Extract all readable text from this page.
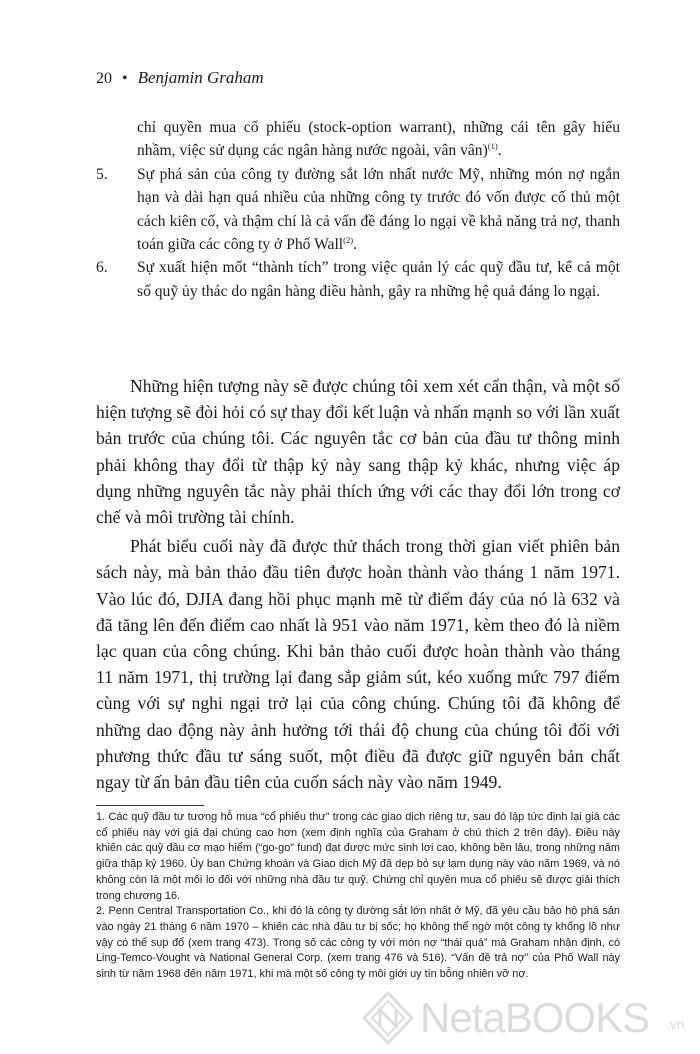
20 • Benjamin Graham
chỉ quyền mua cổ phiếu (stock-option warrant), những cái tên gây hiểu nhầm, việc sử dụng các ngân hàng nước ngoài, vân vân)$^{(1)}$.
5. Sự phá sản của công ty đường sắt lớn nhất nước Mỹ, những món nợ ngắn hạn và dài hạn quá nhiều của những công ty trước đó vốn được cố thủ một cách kiên cố, và thậm chí là cả vấn đề đáng lo ngại về khả năng trả nợ, thanh toán giữa các công ty ở Phố Wall$^{(2)}$.
6. Sự xuất hiện mốt “thành tích” trong việc quản lý các quỹ đầu tư, kể cả một số quỹ ủy thác do ngân hàng điều hành, gây ra những hệ quả đáng lo ngại.

Những hiện tượng này sẽ được chúng tôi xem xét cẩn thận, và một số hiện tượng sẽ đòi hỏi có sự thay đổi kết luận và nhấn mạnh so với lần xuất bản trước của chúng tôi. Các nguyên tắc cơ bản của đầu tư thông minh phải không thay đổi từ thập kỷ này sang thập kỷ khác, nhưng việc áp dụng những nguyên tắc này phải thích ứng với các thay đổi lớn trong cơ chế và môi trường tài chính.

Phát biểu cuối này đã được thử thách trong thời gian viết phiên bản sách này, mà bản thảo đầu tiên được hoàn thành vào tháng 1 năm 1971. Vào lúc đó, DJIA đang hồi phục mạnh mẽ từ điểm đáy của nó là 632 và đã tăng lên đến điểm cao nhất là 951 vào năm 1971, kèm theo đó là niềm lạc quan của công chúng. Khi bản thảo cuối được hoàn thành vào tháng 11 năm 1971, thị trường lại đang sắp giảm sút, kéo xuống mức 797 điểm cùng với sự nghi ngại trở lại của công chúng. Chúng tôi đã không để những dao động này ảnh hưởng tới thái độ chung của chúng tôi đối với phương thức đầu tư sáng suốt, một điều đã được giữ nguyên bản chất ngay từ ấn bản đầu tiên của cuốn sách này vào năm 1949.

1. Các quỹ đầu tư tương hỗ mua “cổ phiếu thư” trong các giao dịch riêng tư, sau đó lập tức định lại giá các cổ phiếu này với giá đại chúng cao hơn (xem định nghĩa của Graham ở chú thích 2 trên đây). Điều này khiến các quỹ đầu cơ mạo hiểm (“go-go” fund) đạt được mức sinh lợi cao, không bền lâu, trong những năm giữa thập kỷ 1960. Ủy ban Chứng khoán và Giao dịch Mỹ đã dẹp bỏ sự lạm dụng này vào năm 1969, và nó không còn là một mối lo đối với những nhà đầu tư quỹ. Chứng chỉ quyền mua cổ phiếu sẽ được giải thích trong chương 16.

2. Penn Central Transportation Co., khi đó là công ty đường sắt lớn nhất ở Mỹ, đã yêu cầu bảo hộ phá sản vào ngày 21 tháng 6 năm 1970 – khiến các nhà đầu tư bị sốc; họ không thể ngờ một công ty khổng lồ như vậy có thể sụp đổ (xem trang 473). Trong số các công ty với món nợ “thái quá” mà Graham nhận định, có Ling-Temco-Vought và National General Corp. (xem trang 476 và 516). “Vấn đề trả nợ” của Phố Wall này sinh từ năm 1968 đến năm 1971, khi mà một số công ty môi giới uy tín bỗng nhiên vỡ nợ.

NetaBOOKS .vn
